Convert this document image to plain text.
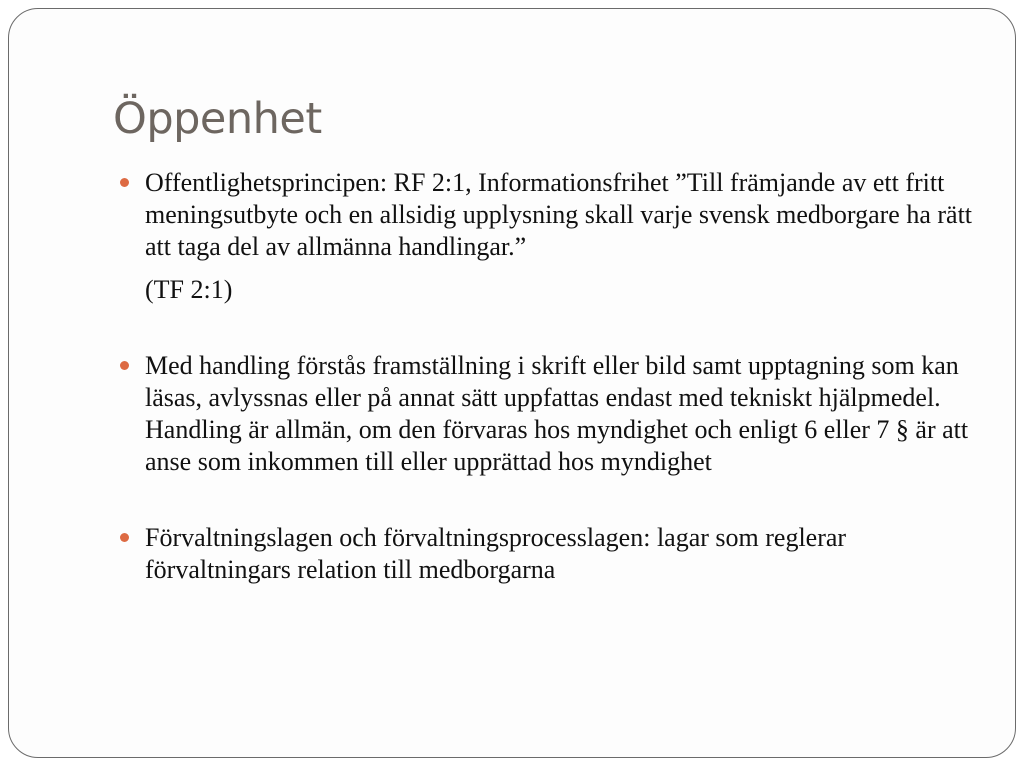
Öppenhet
Offentlighetsprincipen: RF 2:1, Informationsfrihet ”Till främjande av ett fritt meningsutbyte och en allsidig upplysning skall varje svensk medborgare ha rätt att taga del av allmänna handlingar.”
(TF 2:1)
Med handling förstås framställning i skrift eller bild samt upptagning som kan läsas, avlyssnas eller på annat sätt uppfattas endast med tekniskt hjälpmedel. Handling är allmän, om den förvaras hos myndighet och enligt 6 eller 7 § är att anse som inkommen till eller upprättad hos myndighet
Förvaltningslagen och förvaltningsprocesslagen: lagar som reglerar förvaltningars relation till medborgarna
